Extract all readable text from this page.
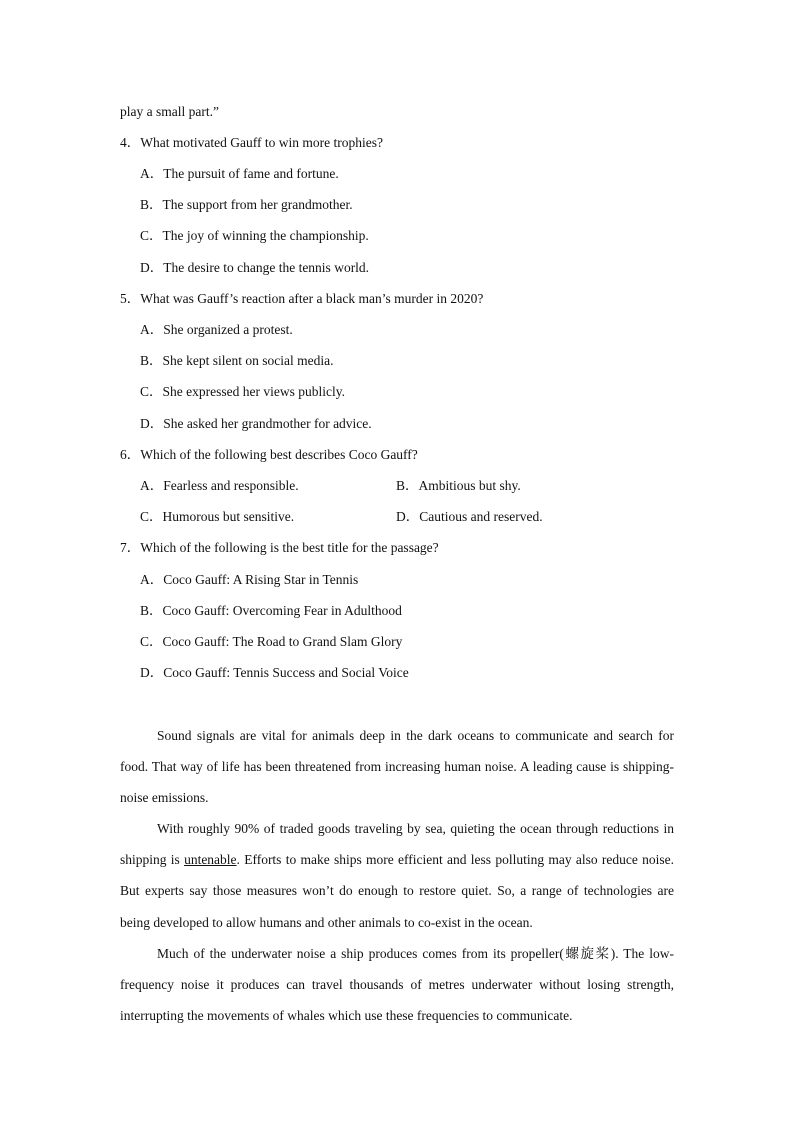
play a small part.”
4．What motivated Gauff to win more trophies?
A．The pursuit of fame and fortune.
B．The support from her grandmother.
C．The joy of winning the championship.
D．The desire to change the tennis world.
5．What was Gauff’s reaction after a black man’s murder in 2020?
A．She organized a protest.
B．She kept silent on social media.
C．She expressed her views publicly.
D．She asked her grandmother for advice.
6．Which of the following best describes Coco Gauff?
A．Fearless and responsible.	B．Ambitious but shy.
C．Humorous but sensitive.	D．Cautious and reserved.
7．Which of the following is the best title for the passage?
A．Coco Gauff: A Rising Star in Tennis
B．Coco Gauff: Overcoming Fear in Adulthood
C．Coco Gauff: The Road to Grand Slam Glory
D．Coco Gauff: Tennis Success and Social Voice
Sound signals are vital for animals deep in the dark oceans to communicate and search for food. That way of life has been threatened from increasing human noise. A leading cause is shipping-noise emissions.
With roughly 90% of traded goods traveling by sea, quieting the ocean through reductions in shipping is untenable. Efforts to make ships more efficient and less polluting may also reduce noise. But experts say those measures won’t do enough to restore quiet. So, a range of technologies are being developed to allow humans and other animals to co-exist in the ocean.
Much of the underwater noise a ship produces comes from its propeller(螺旋桨). The low-frequency noise it produces can travel thousands of metres underwater without losing strength, interrupting the movements of whales which use these frequencies to communicate.
